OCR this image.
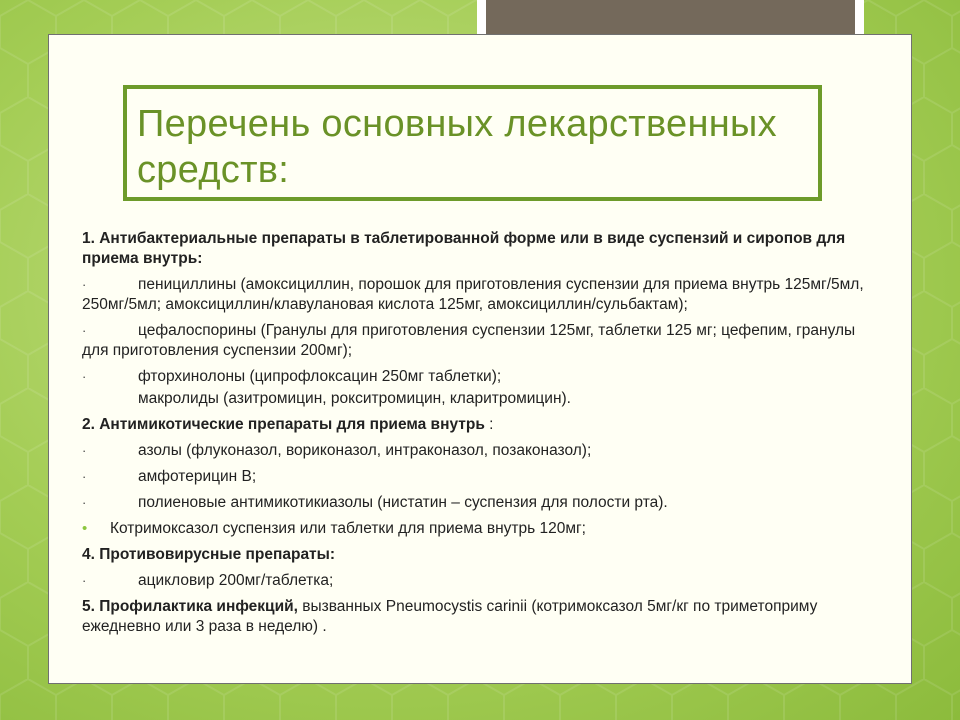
Перечень основных лекарственных средств:

1. Антибактериальные препараты в таблетированной форме или в виде суспензий и сиропов для приема внутрь:

·	пенициллины (амоксициллин, порошок для приготовления суспензии для приема внутрь 125мг/5мл, 250мг/5мл; амоксициллин/клавулановая кислота 125мг, амоксициллин/сульбактам);
·	цефалоспорины (Гранулы для приготовления суспензии 125мг, таблетки 125 мг; цефепим, гранулы для приготовления суспензии 200мг);
·	фторхинолоны (ципрофлоксацин 250мг таблетки);
макролиды (азитромицин, рокситромицин, кларитромицин).

2. Антимикотические препараты для приема внутрь :

·	азолы (флуконазол, вориконазол, интраконазол, позаконазол);
·	амфотерицин В;
·	полиеновые антимикотикиазолы (нистатин – суспензия для полости рта).
•	Котримоксазол суспензия или таблетки для приема внутрь 120мг;

4. Противовирусные препараты:

·	ацикловир 200мг/таблетка;

5. Профилактика инфекций, вызванных Pneumocystis carinii (котримоксазол 5мг/кг по триметоприму ежедневно или 3 раза в неделю) .
